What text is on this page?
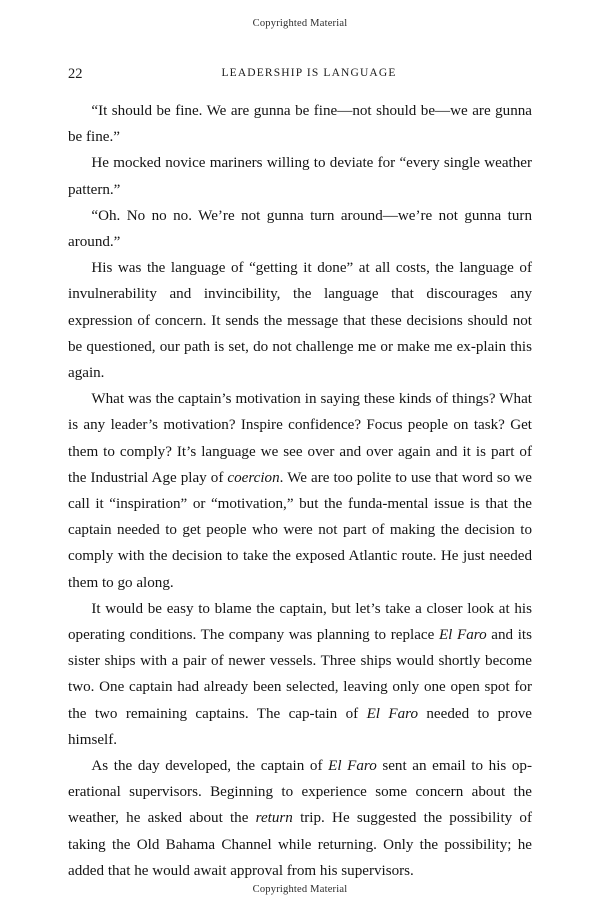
Copyrighted Material
22	LEADERSHIP IS LANGUAGE

“It should be fine. We are gunna be fine—not should be—we are gunna be fine.”

He mocked novice mariners willing to deviate for “every single weather pattern.”

“Oh. No no no. We’re not gunna turn around—we’re not gunna turn around.”

His was the language of “getting it done” at all costs, the language of invulnerability and invincibility, the language that discourages any expression of concern. It sends the message that these decisions should not be questioned, our path is set, do not challenge me or make me ex-plain this again.

What was the captain’s motivation in saying these kinds of things? What is any leader’s motivation? Inspire confidence? Focus people on task? Get them to comply? It’s language we see over and over again and it is part of the Industrial Age play of coercion. We are too polite to use that word so we call it “inspiration” or “motivation,” but the funda-mental issue is that the captain needed to get people who were not part of making the decision to comply with the decision to take the exposed Atlantic route. He just needed them to go along.

It would be easy to blame the captain, but let’s take a closer look at his operating conditions. The company was planning to replace El Faro and its sister ships with a pair of newer vessels. Three ships would shortly become two. One captain had already been selected, leaving only one open spot for the two remaining captains. The cap-tain of El Faro needed to prove himself.

As the day developed, the captain of El Faro sent an email to his op-erational supervisors. Beginning to experience some concern about the weather, he asked about the return trip. He suggested the possibility of taking the Old Bahama Channel while returning. Only the possibility; he added that he would await approval from his supervisors.

Copyrighted Material
